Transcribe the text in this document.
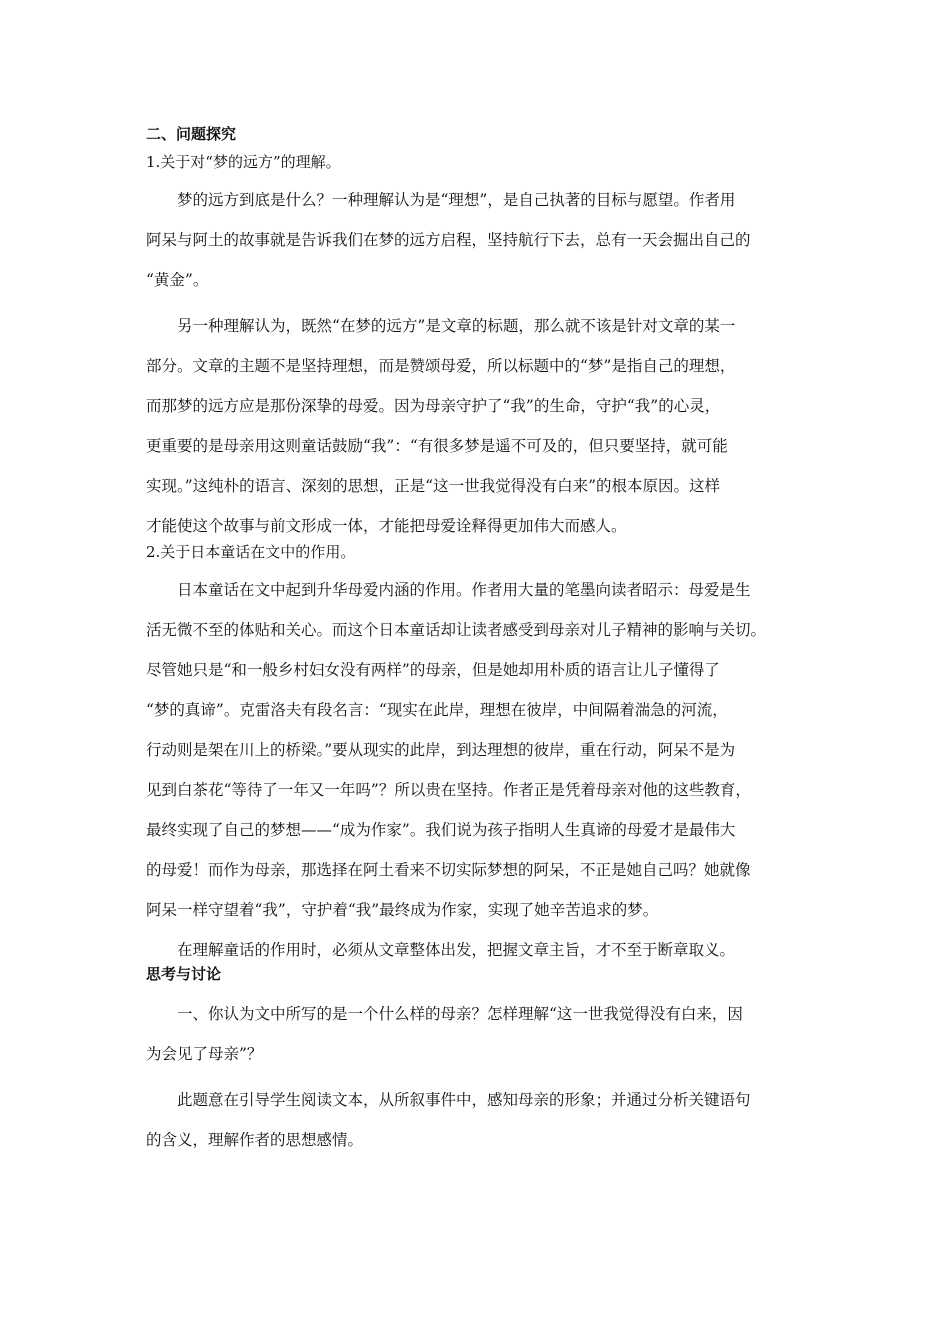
二、问题探究
1.关于对“梦的远方”的理解。
梦的远方到底是什么？一种理解认为是“理想”，是自己执著的目标与愿望。作者用
阿呆与阿土的故事就是告诉我们在梦的远方启程，坚持航行下去，总有一天会掘出自己的
“黄金”。
另一种理解认为，既然“在梦的远方”是文章的标题，那么就不该是针对文章的某一
部分。文章的主题不是坚持理想，而是赞颂母爱，所以标题中的“梦”是指自己的理想，
而那梦的远方应是那份深挚的母爱。因为母亲守护了“我”的生命，守护“我”的心灵，
更重要的是母亲用这则童话鼓励“我”：“有很多梦是遥不可及的，但只要坚持，就可能
实现。”这纯朴的语言、深刻的思想，正是“这一世我觉得没有白来”的根本原因。这样
才能使这个故事与前文形成一体，才能把母爱诠释得更加伟大而感人。
2.关于日本童话在文中的作用。
日本童话在文中起到升华母爱内涵的作用。作者用大量的笔墨向读者昭示：母爱是生
活无微不至的体贴和关心。而这个日本童话却让读者感受到母亲对儿子精神的影响与关切。
尽管她只是“和一般乡村妇女没有两样”的母亲，但是她却用朴质的语言让儿子懂得了
“梦的真谛”。克雷洛夫有段名言：“现实在此岸，理想在彼岸，中间隔着湍急的河流，
行动则是架在川上的桥梁。”要从现实的此岸，到达理想的彼岸，重在行动，阿呆不是为
见到白茶花“等待了一年又一年吗”？所以贵在坚持。作者正是凭着母亲对他的这些教育，
最终实现了自己的梦想——“成为作家”。我们说为孩子指明人生真谛的母爱才是最伟大
的母爱！而作为母亲，那选择在阿土看来不切实际梦想的阿呆，不正是她自己吗？她就像
阿呆一样守望着“我”，守护着“我”最终成为作家，实现了她辛苦追求的梦。
在理解童话的作用时，必须从文章整体出发，把握文章主旨，才不至于断章取义。
思考与讨论
一、你认为文中所写的是一个什么样的母亲？怎样理解“这一世我觉得没有白来，因
为会见了母亲”？
此题意在引导学生阅读文本，从所叙事件中，感知母亲的形象；并通过分析关键语句
的含义，理解作者的思想感情。
